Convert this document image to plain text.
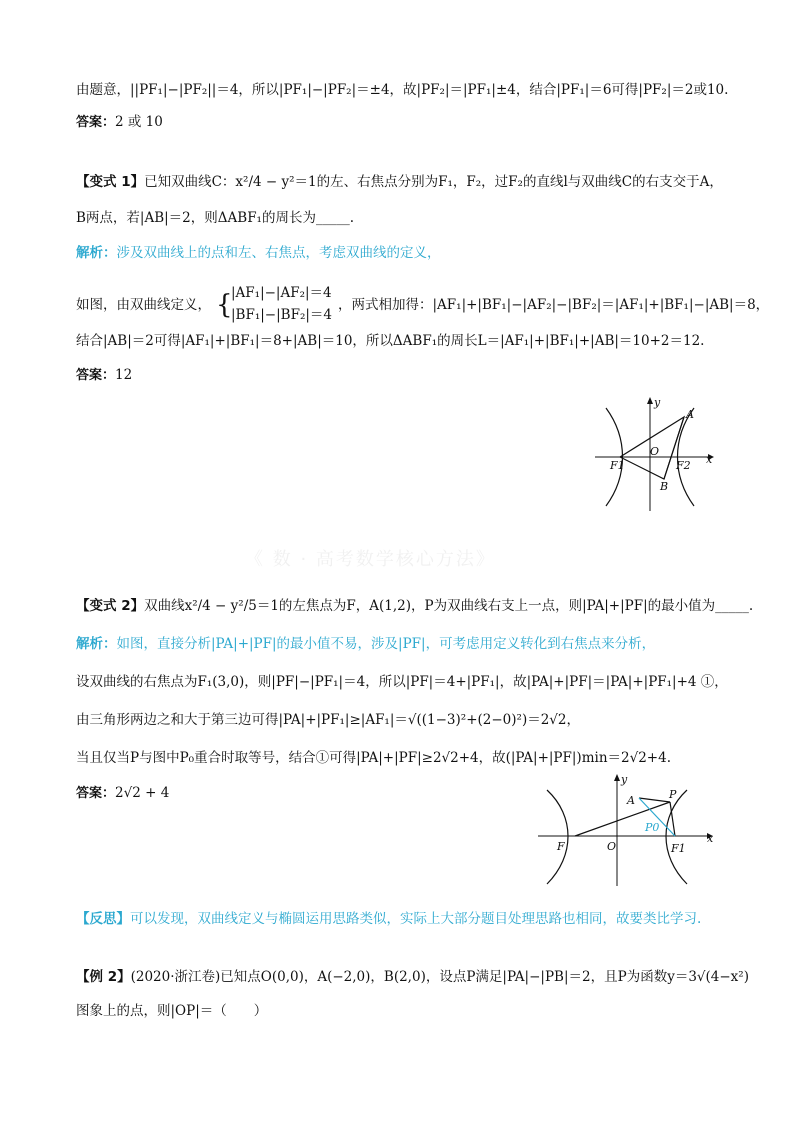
《 数 · 高考数学核心方法》
由题意，||PF₁|−|PF₂||＝4，所以|PF₁|−|PF₂|＝±4，故|PF₂|＝|PF₁|±4，结合|PF₁|＝6可得|PF₂|＝2或10.
答案：2 或 10
【变式 1】已知双曲线C：x²/4 − y²＝1的左、右焦点分别为F₁，F₂，过F₂的直线l与双曲线C的右支交于A，
B两点，若|AB|＝2，则ΔABF₁的周长为_____.
解析：涉及双曲线上的点和左、右焦点，考虑双曲线的定义，
如图，由双曲线定义， {
|AF₁|−|AF₂|＝4
|BF₁|−|BF₂|＝4
，两式相加得：|AF₁|+|BF₁|−|AF₂|−|BF₂|＝|AF₁|+|BF₁|−|AB|＝8，
结合|AB|＝2可得|AF₁|+|BF₁|＝8+|AB|＝10，所以ΔABF₁的周长L＝|AF₁|+|BF₁|+|AB|＝10+2＝12.
答案：12
y
x
A
O
F1	F2
B
【变式 2】双曲线x²/4 − y²/5＝1的左焦点为F，A(1,2)，P为双曲线右支上一点，则|PA|+|PF|的最小值为_____.
解析：如图，直接分析|PA|+|PF|的最小值不易，涉及|PF|，可考虑用定义转化到右焦点来分析，
设双曲线的右焦点为F₁(3,0)，则|PF|−|PF₁|＝4，所以|PF|＝4+|PF₁|，故|PA|+|PF|＝|PA|+|PF₁|+4 ①，
由三角形两边之和大于第三边可得|PA|+|PF₁|≥|AF₁|＝√((1−3)²+(2−0)²)＝2√2，
当且仅当P与图中P₀重合时取等号，结合①可得|PA|+|PF|≥2√2+4，故(|PA|+|PF|)min＝2√2+4.
答案：2√2 + 4
y
x
A	P
P0
F	O	F1
【反思】可以发现，双曲线定义与椭圆运用思路类似，实际上大部分题目处理思路也相同，故要类比学习.
【例 2】(2020·浙江卷)已知点O(0,0)，A(−2,0)，B(2,0)，设点P满足|PA|−|PB|＝2，且P为函数y＝3√(4−x²)
图象上的点，则|OP|＝（　　）
